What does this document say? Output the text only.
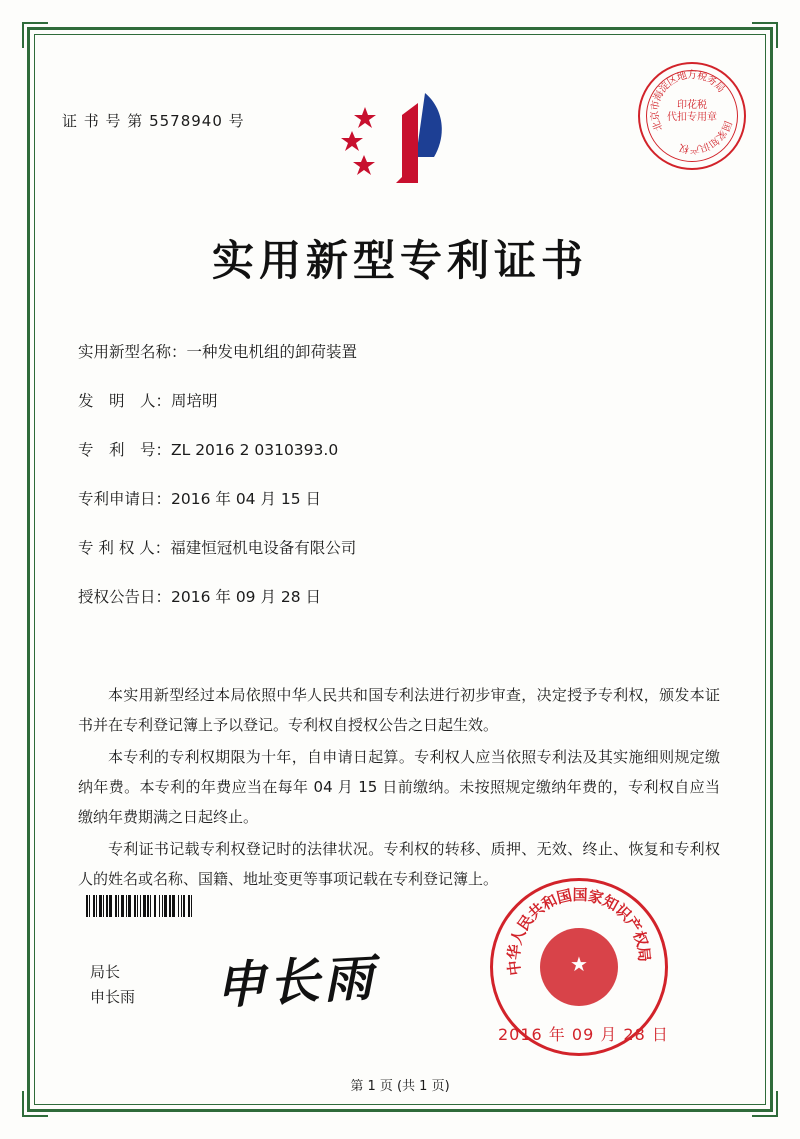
证 书 号 第 5578940 号	北
京
市
海
淀
区
地
方
税
务
局
国
家
知
识
产
权
印花税
代扣专用章
实用新型专利证书
实用新型名称： 一种发电机组的卸荷装置
发　明　人： 周培明
专　利　号： ZL 2016 2 0310393.0
专利申请日： 2016 年 04 月 15 日
专 利 权 人： 福建恒冠机电设备有限公司
授权公告日： 2016 年 09 月 28 日

本实用新型经过本局依照中华人民共和国专利法进行初步审查，决定授予专利权，颁发本证书并在专利登记簿上予以登记。专利权自授权公告之日起生效。

本专利的专利权期限为十年，自申请日起算。专利权人应当依照专利法及其实施细则规定缴纳年费。本专利的年费应当在每年 04 月 15 日前缴纳。未按照规定缴纳年费的，专利权自应当缴纳年费期满之日起终止。

专利证书记载专利权登记时的法律状况。专利权的转移、质押、无效、终止、恢复和专利权人的姓名或名称、国籍、地址变更等事项记载在专利登记簿上。

局长
申长雨 申长雨	中
华
人
民
共
和
国
国
家
知
识
产
权
局
★
2016 年 09 月 28 日
第 1 页 (共 1 页)
